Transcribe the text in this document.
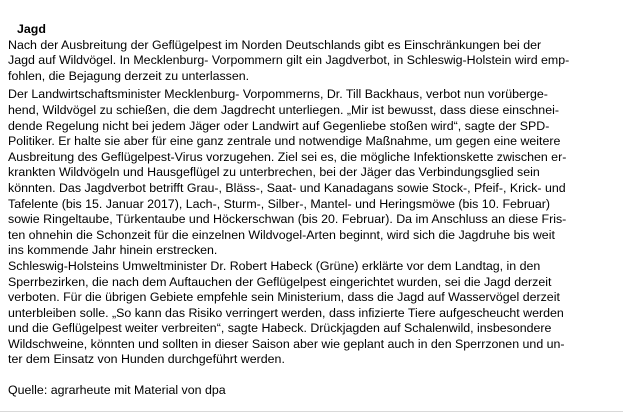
Jagd

Nach der Ausbreitung der Geflügelpest im Norden Deutschlands gibt es Einschränkungen bei der
Jagd auf Wildvögel. In Mecklenburg- Vorpommern gilt ein Jagdverbot, in Schleswig-Holstein wird emp-
fohlen, die Bejagung derzeit zu unterlassen.

Der Landwirtschaftsminister Mecklenburg- Vorpommerns, Dr. Till Backhaus, verbot nun vorüberge-
hend, Wildvögel zu schießen, die dem Jagdrecht unterliegen. „Mir ist bewusst, dass diese einschnei-
dende Regelung nicht bei jedem Jäger oder Landwirt auf Gegenliebe stoßen wird“, sagte der SPD-
Politiker. Er halte sie aber für eine ganz zentrale und notwendige Maßnahme, um gegen eine weitere
Ausbreitung des Geflügelpest-Virus vorzugehen. Ziel sei es, die mögliche Infektionskette zwischen er-
krankten Wildvögeln und Hausgeflügel zu unterbrechen, bei der Jäger das Verbindungsglied sein
könnten. Das Jagdverbot betrifft Grau-, Bläss-, Saat- und Kanadagans sowie Stock-, Pfeif-, Krick- und
Tafelente (bis 15. Januar 2017), Lach-, Sturm-, Silber-, Mantel- und Heringsmöwe (bis 10. Februar)
sowie Ringeltaube, Türkentaube und Höckerschwan (bis 20. Februar). Da im Anschluss an diese Fris-
ten ohnehin die Schonzeit für die einzelnen Wildvogel-Arten beginnt, wird sich die Jagdruhe bis weit
ins kommende Jahr hinein erstrecken.

Schleswig-Holsteins Umweltminister Dr. Robert Habeck (Grüne) erklärte vor dem Landtag, in den
Sperrbezirken, die nach dem Auftauchen der Geflügelpest eingerichtet wurden, sei die Jagd derzeit
verboten. Für die übrigen Gebiete empfehle sein Ministerium, dass die Jagd auf Wasservögel derzeit
unterbleiben solle. „So kann das Risiko verringert werden, dass infizierte Tiere aufgescheucht werden
und die Geflügelpest weiter verbreiten“, sagte Habeck. Drückjagden auf Schalenwild, insbesondere
Wildschweine, könnten und sollten in dieser Saison aber wie geplant auch in den Sperrzonen und un-
ter dem Einsatz von Hunden durchgeführt werden.

Quelle: agrarheute mit Material von dpa
